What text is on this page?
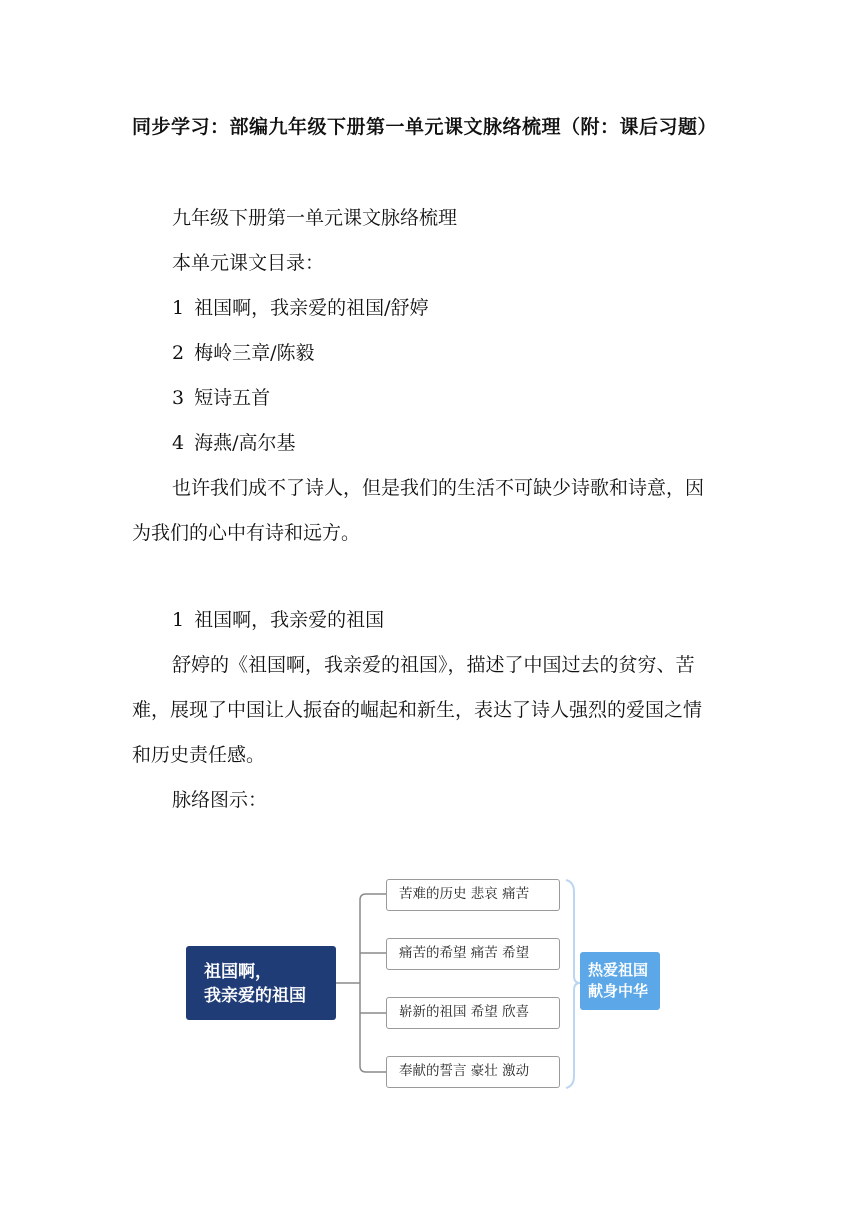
同步学习：部编九年级下册第一单元课文脉络梳理（附：课后习题）
九年级下册第一单元课文脉络梳理
本单元课文目录：
1 祖国啊，我亲爱的祖国/舒婷
2 梅岭三章/陈毅
3 短诗五首
4 海燕/高尔基
也许我们成不了诗人，但是我们的生活不可缺少诗歌和诗意，因
为我们的心中有诗和远方。
1 祖国啊，我亲爱的祖国
舒婷的《祖国啊，我亲爱的祖国》，描述了中国过去的贫穷、苦
难，展现了中国让人振奋的崛起和新生，表达了诗人强烈的爱国之情
和历史责任感。
脉络图示：
祖国啊，
我亲爱的祖国
苦难的历史 悲哀 痛苦
痛苦的希望 痛苦 希望
崭新的祖国 希望 欣喜
奉献的誓言 豪壮 激动
热爱祖国
献身中华
